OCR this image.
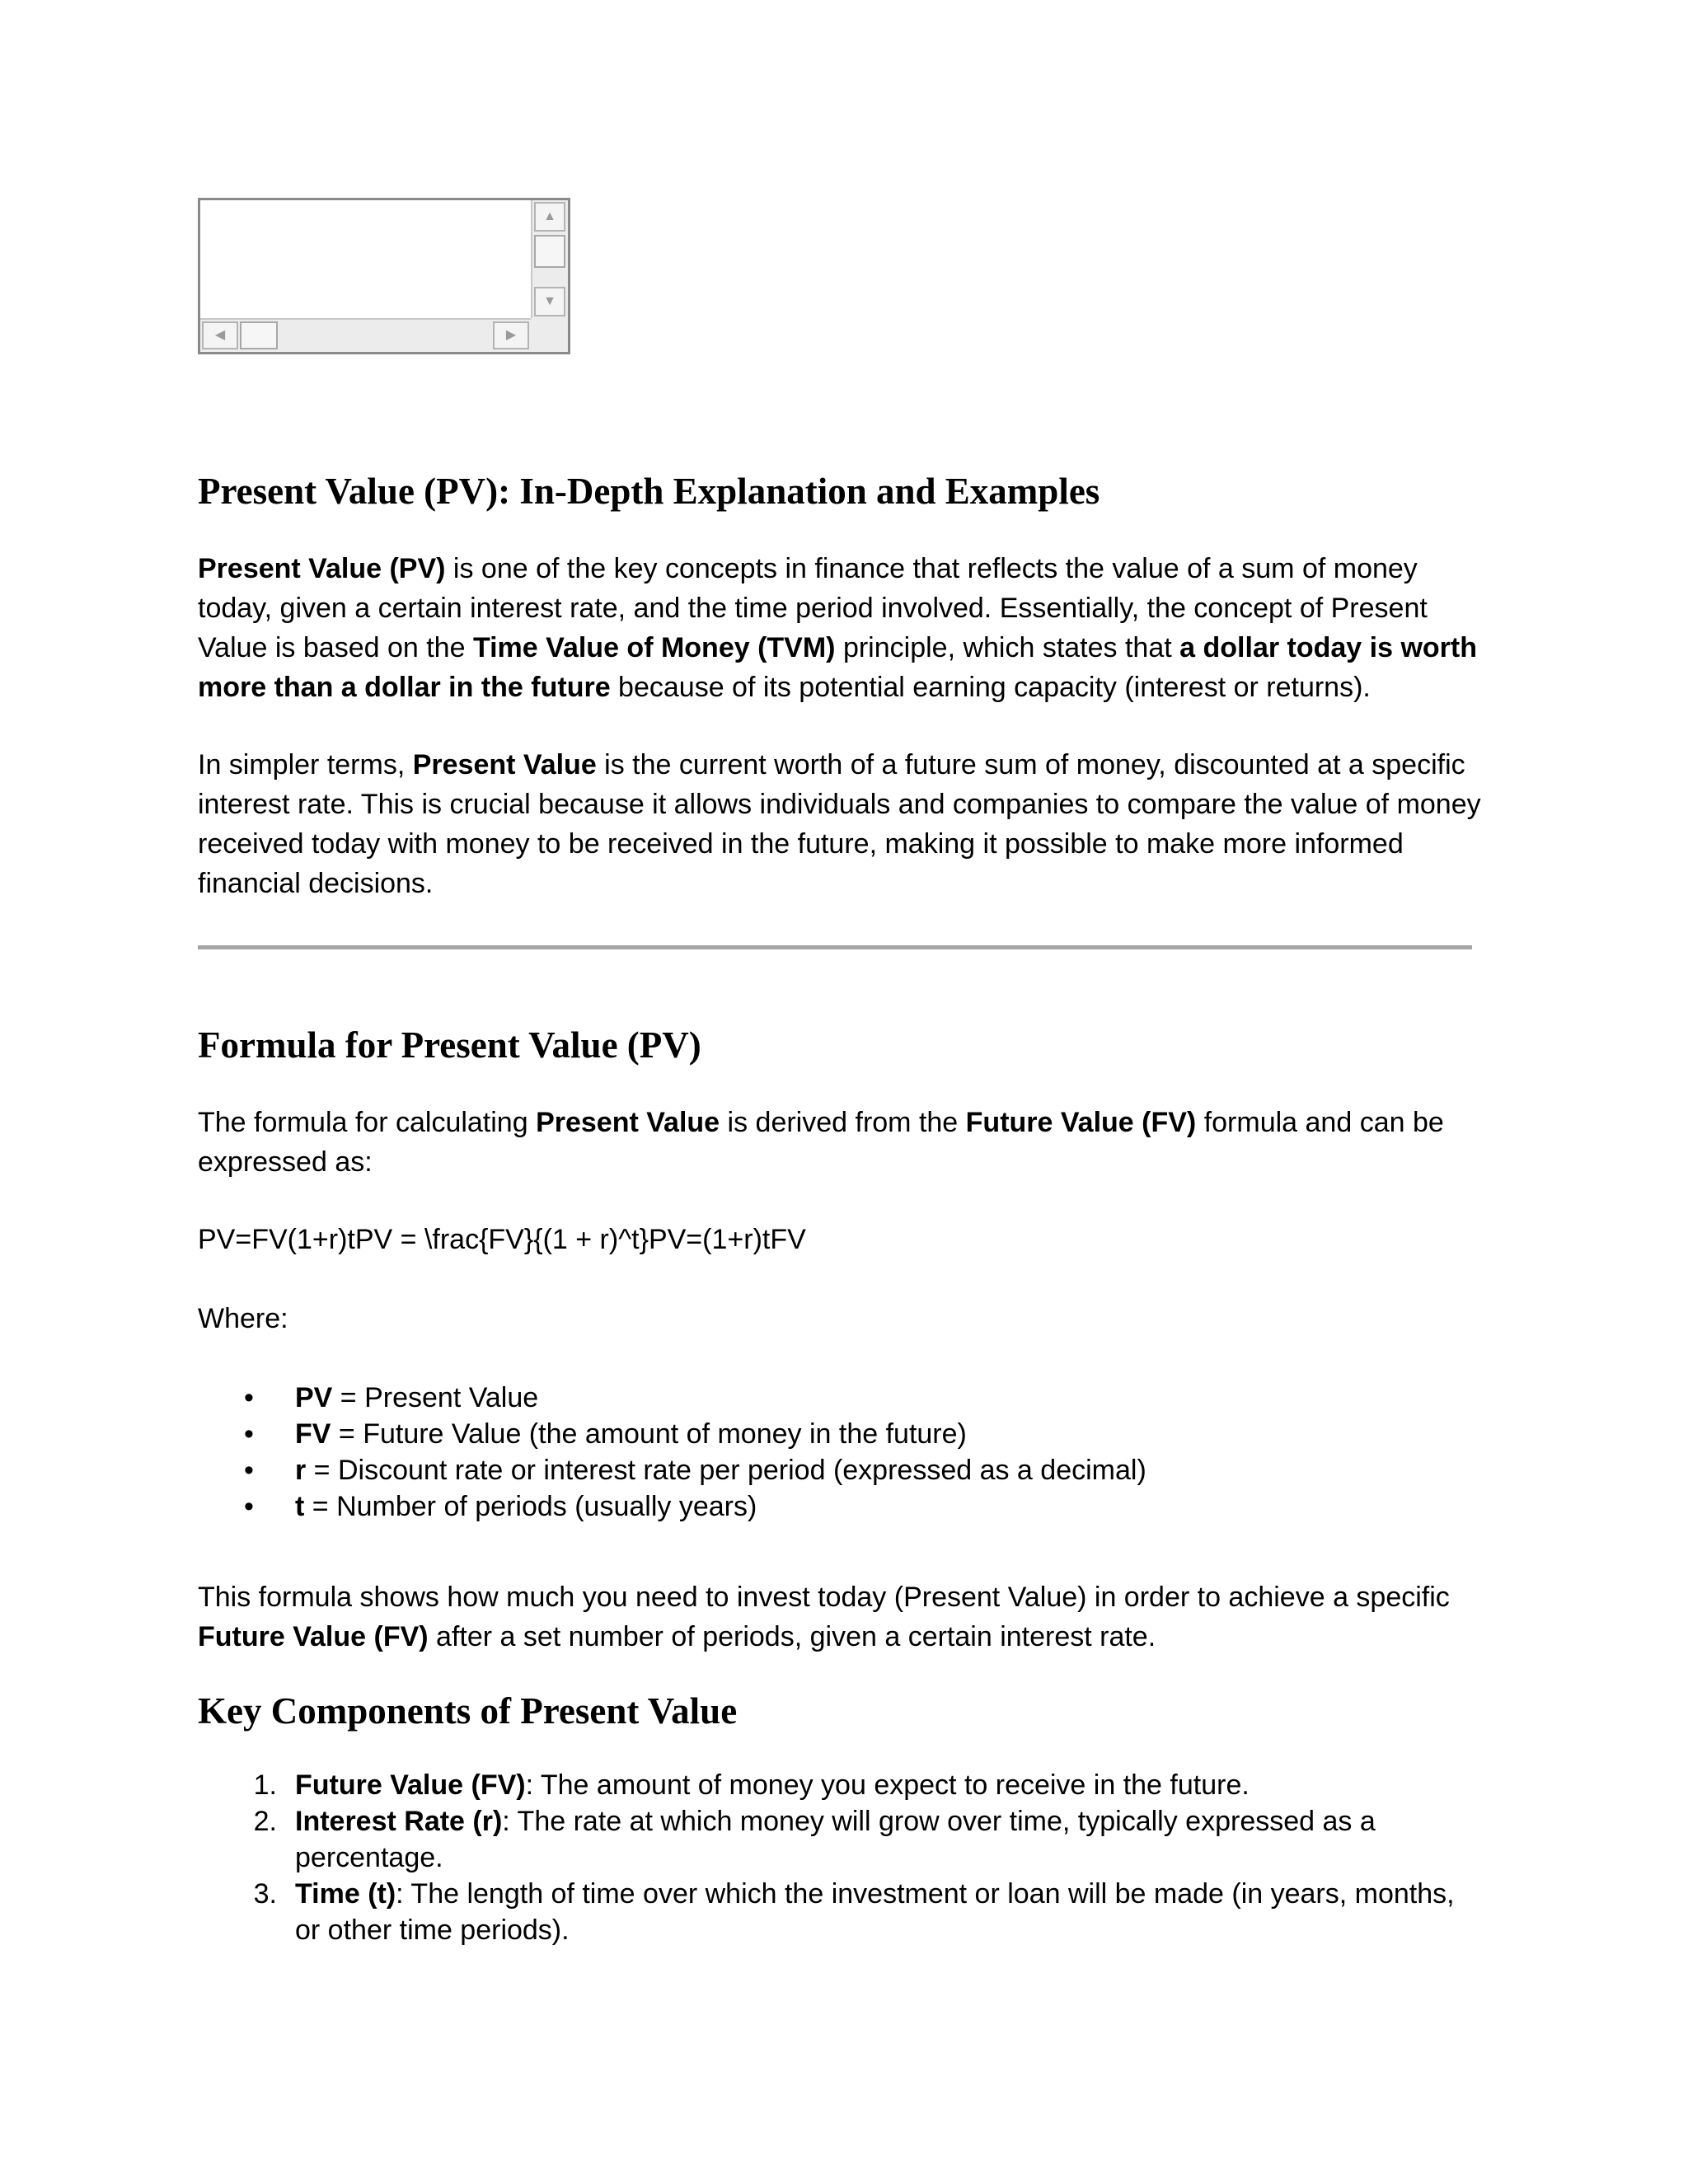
▲
▼
◀	▶
Present Value (PV): In-Depth Explanation and Examples

Present Value (PV) is one of the key concepts in finance that reflects the value of a sum of money today, given a certain interest rate, and the time period involved. Essentially, the concept of Present Value is based on the Time Value of Money (TVM) principle, which states that a dollar today is worth more than a dollar in the future because of its potential earning capacity (interest or returns).

In simpler terms, Present Value is the current worth of a future sum of money, discounted at a specific interest rate. This is crucial because it allows individuals and companies to compare the value of money received today with money to be received in the future, making it possible to make more informed financial decisions.

Formula for Present Value (PV)

The formula for calculating Present Value is derived from the Future Value (FV) formula and can be expressed as:

PV=FV(1+r)tPV = \frac{FV}{(1 + r)^t}PV=(1+r)tFV

Where:

• PV = Present Value
• FV = Future Value (the amount of money in the future)
• r = Discount rate or interest rate per period (expressed as a decimal)
• t = Number of periods (usually years)

This formula shows how much you need to invest today (Present Value) in order to achieve a specific Future Value (FV) after a set number of periods, given a certain interest rate.

Key Components of Present Value
1. Future Value (FV): The amount of money you expect to receive in the future.
2. Interest Rate (r): The rate at which money will grow over time, typically expressed as a percentage.
3. Time (t): The length of time over which the investment or loan will be made (in years, months, or other time periods).
